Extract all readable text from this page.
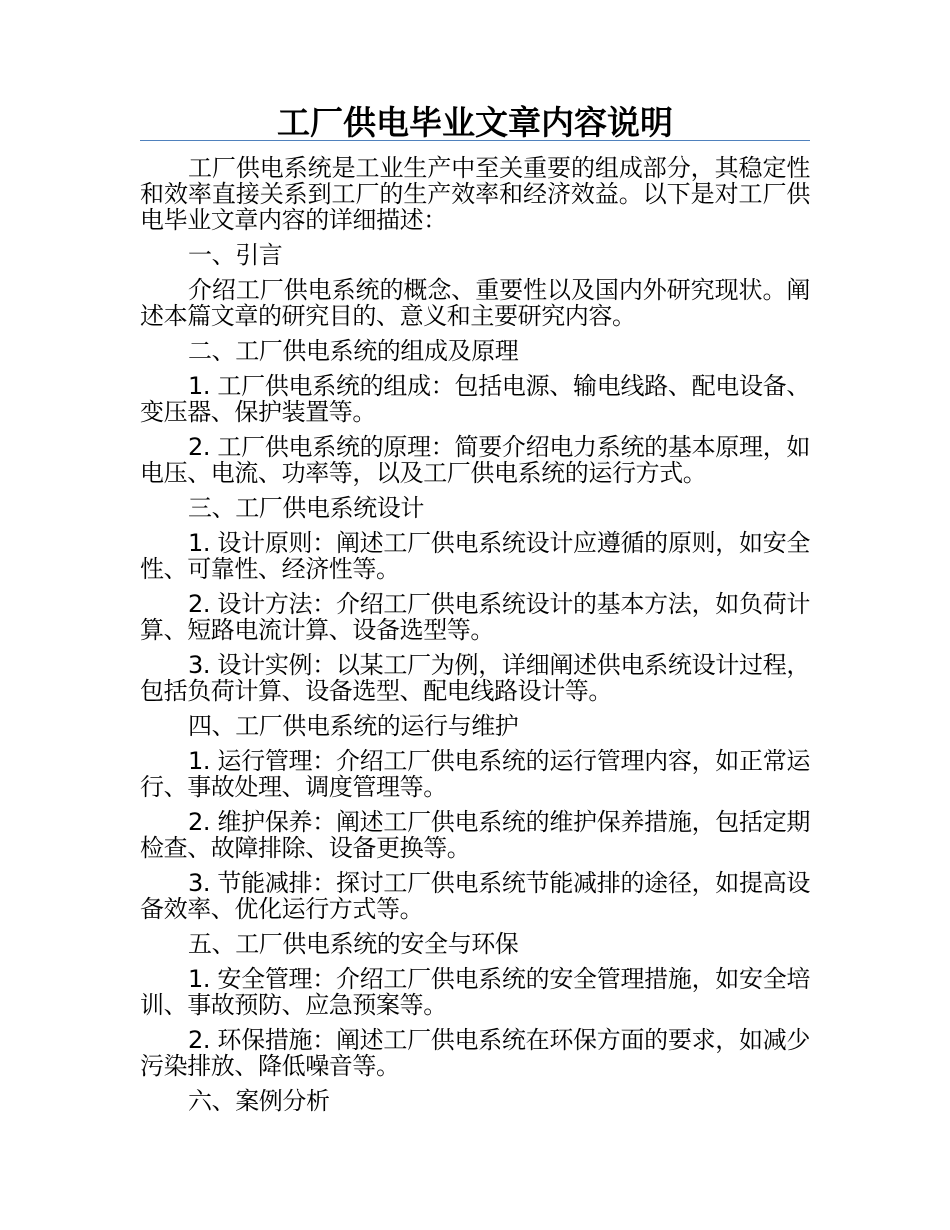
工厂供电毕业文章内容说明

工厂供电系统是工业生产中至关重要的组成部分，其稳定性和效率直接关系到工厂的生产效率和经济效益。以下是对工厂供电毕业文章内容的详细描述：

一、引言

介绍工厂供电系统的概念、重要性以及国内外研究现状。阐述本篇文章的研究目的、意义和主要研究内容。

二、工厂供电系统的组成及原理

1. 工厂供电系统的组成：包括电源、输电线路、配电设备、变压器、保护装置等。

2. 工厂供电系统的原理：简要介绍电力系统的基本原理，如电压、电流、功率等，以及工厂供电系统的运行方式。

三、工厂供电系统设计

1. 设计原则：阐述工厂供电系统设计应遵循的原则，如安全性、可靠性、经济性等。

2. 设计方法：介绍工厂供电系统设计的基本方法，如负荷计算、短路电流计算、设备选型等。

3. 设计实例：以某工厂为例，详细阐述供电系统设计过程，包括负荷计算、设备选型、配电线路设计等。

四、工厂供电系统的运行与维护

1. 运行管理：介绍工厂供电系统的运行管理内容，如正常运行、事故处理、调度管理等。

2. 维护保养：阐述工厂供电系统的维护保养措施，包括定期检查、故障排除、设备更换等。

3. 节能减排：探讨工厂供电系统节能减排的途径，如提高设备效率、优化运行方式等。

五、工厂供电系统的安全与环保

1. 安全管理：介绍工厂供电系统的安全管理措施，如安全培训、事故预防、应急预案等。

2. 环保措施：阐述工厂供电系统在环保方面的要求，如减少污染排放、降低噪音等。

六、案例分析
